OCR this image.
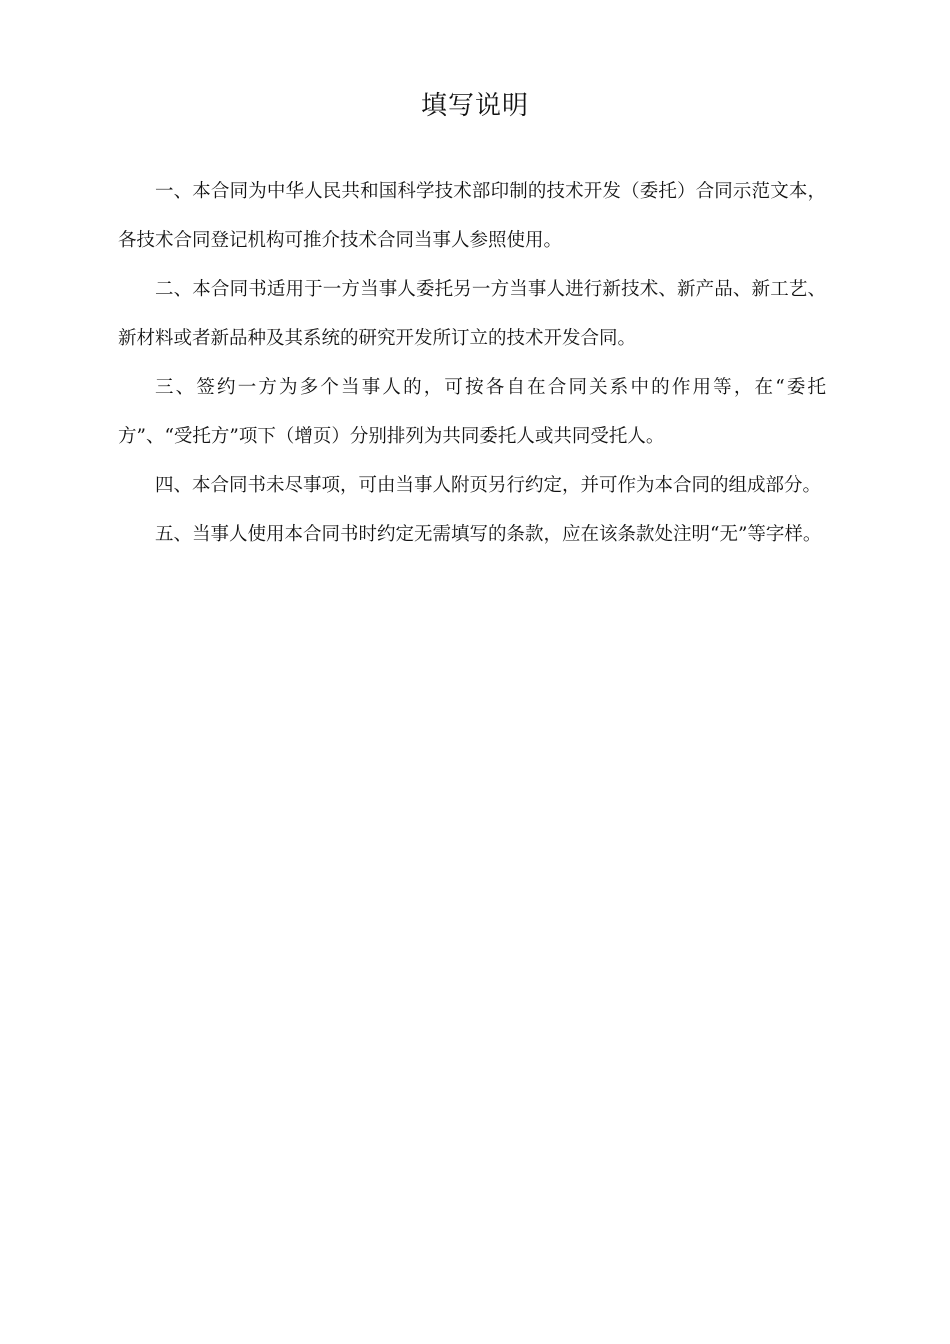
填写说明

一、本合同为中华人民共和国科学技术部印制的技术开发（委托）合同示范文本，各技术合同登记机构可推介技术合同当事人参照使用。

二、本合同书适用于一方当事人委托另一方当事人进行新技术、新产品、新工艺、新材料或者新品种及其系统的研究开发所订立的技术开发合同。

三、签约一方为多个当事人的，可按各自在合同关系中的作用等，在“委托方”、“受托方”项下（增页）分别排列为共同委托人或共同受托人。

四、本合同书未尽事项，可由当事人附页另行约定，并可作为本合同的组成部分。

五、当事人使用本合同书时约定无需填写的条款，应在该条款处注明“无”等字样。
